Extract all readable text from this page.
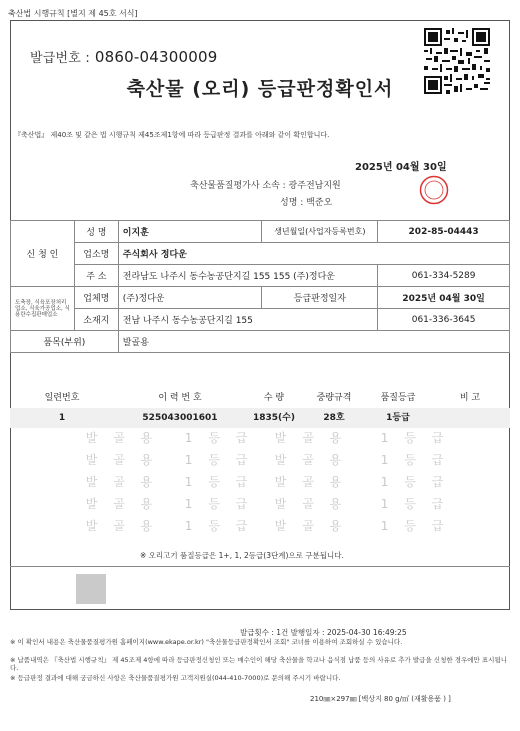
축산법 시행규칙 [별지 제 45호 서식]
발급번호 : 0860-04300009
축산물 (오리) 등급판정확인서
『축산법』 제40조 및 같은 법 시행규칙 제45조제1항에 따라 등급판정 결과를 아래와 같이 확인합니다.
2025년 04월 30일
축산물품질평가사 소속 : 광주전남지원
성명 : 백준오
신 청 인	성 명	이지훈	생년월일(사업자등록번호)	202-85-04443
	업소명	주식회사 정다운		
	주 소	전라남도 나주시 동수농공단지길 155 155 (주)정다운		061-334-5289
도축장, 식육포장처리업소, 식육가공업소, 식용란수집판매업소	업체명	(주)정다운	등급판정일자	2025년 04월 30일
	소재지	전남 나주시 동수농공단지길 155		061-336-3645
품목(부위)		발골용		
일련번호	이 력 번 호	수 량	중량규격	품질등급	비 고
1	525043001601	1835(수)	28호	1등급
발 골 용	1 등 급	발 골 용	1 등 급
발 골 용	1 등 급	발 골 용	1 등 급
발 골 용	1 등 급	발 골 용	1 등 급
발 골 용	1 등 급	발 골 용	1 등 급
발 골 용	1 등 급	발 골 용	1 등 급
※ 오리고기 품질등급은 1+, 1, 2등급(3단계)으로 구분됩니다.
발급횟수 : 1건 발행일자 : 2025-04-30 16:49:25
※ 이 확인서 내용은 축산물품질평가원 홈페이지(www.ekape.or.kr) "축산물등급판정확인서 조회" 코너를 이용하여 조회하실 수 있습니다.
※ 납품내역은 『축산법 시행규칙』 제 45조제 4항에 따라 등급판정신청인 또는 매수인이 해당 축산물을 학교나 음식점 납품 등의 사유로 추가 발급을 신청한 경우에만 표시됩니다.
※ 등급판정 결과에 대해 궁금하신 사항은 축산물품질평가원 고객지원실(044-410-7000)로 문의해 주시기 바랍니다.
210㎜×297㎜ [백상지 80 g/㎡ (재활용품 ) ]
